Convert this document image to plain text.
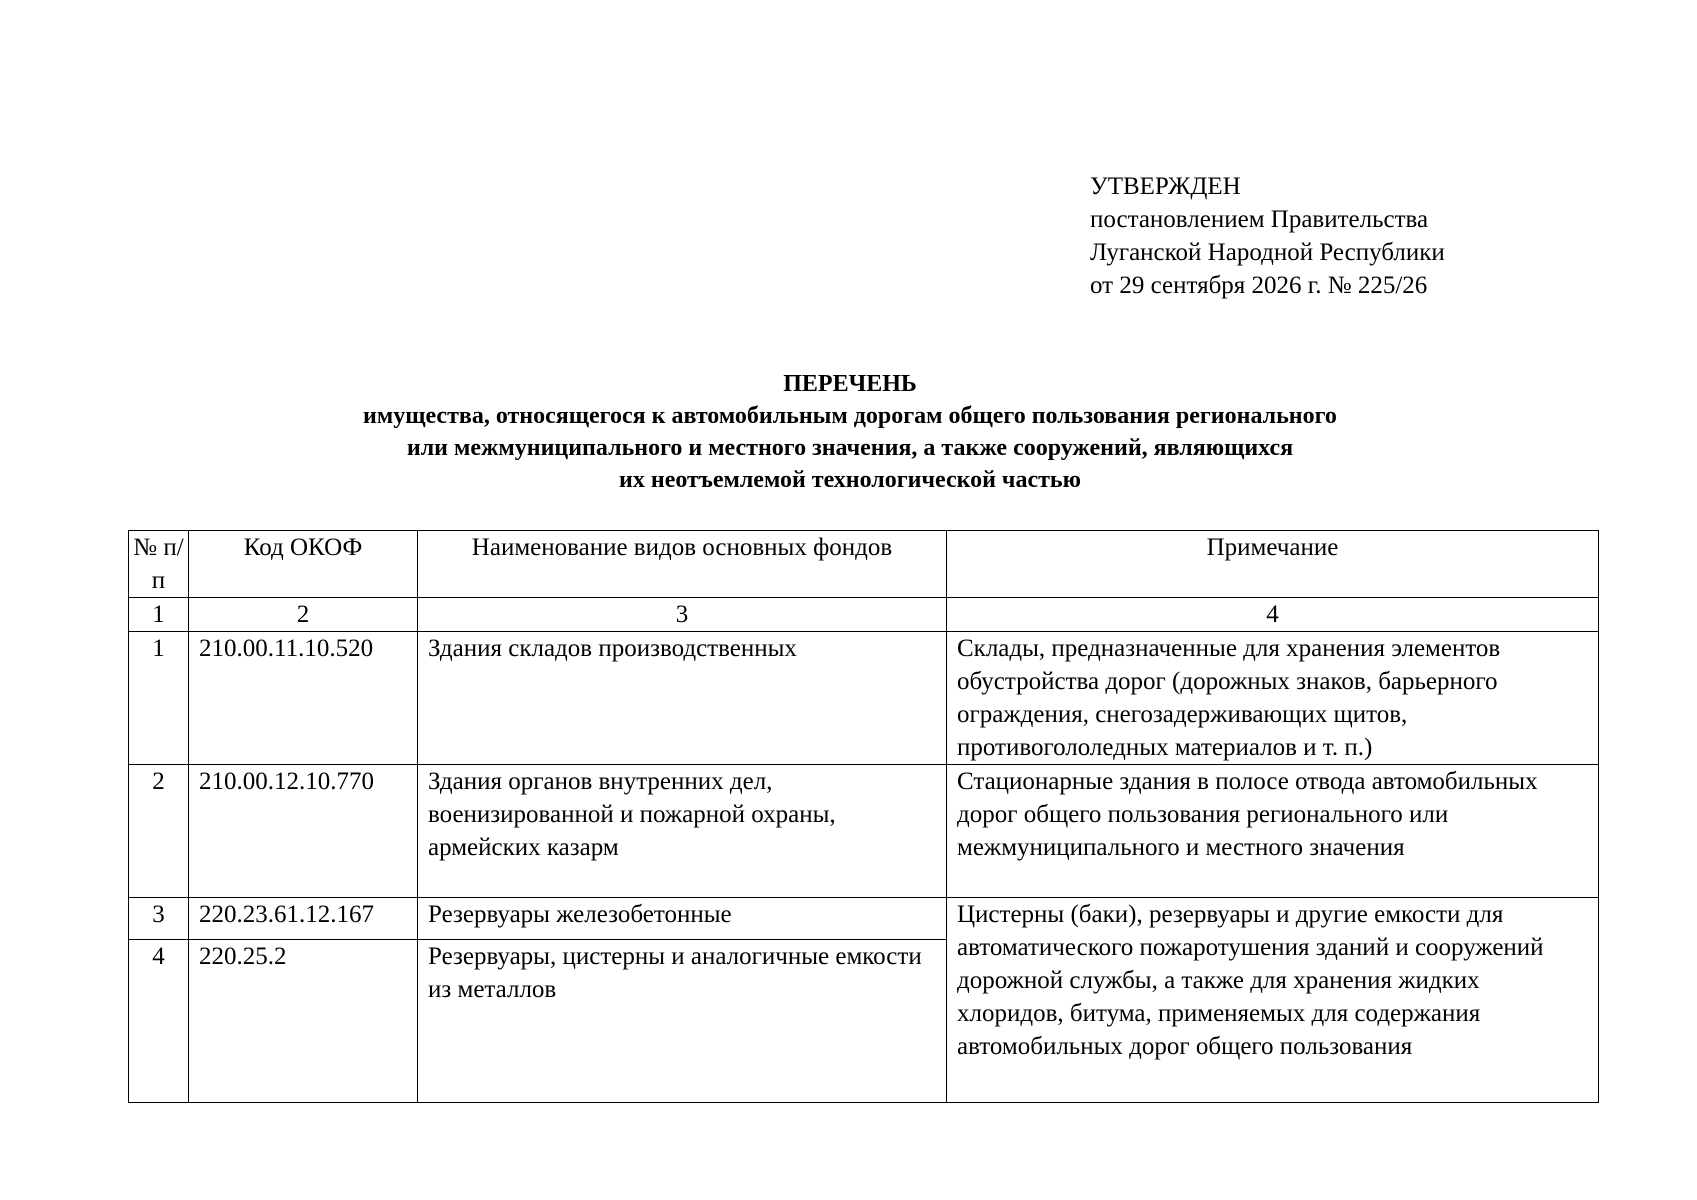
УТВЕРЖДЕН
постановлением Правительства
Луганской Народной Республики
от 29 сентября 2026 г. № 225/26
ПЕРЕЧЕНЬ
имущества, относящегося к автомобильным дорогам общего пользования регионального
или межмуниципального и местного значения, а также сооружений, являющихся
их неотъемлемой технологической частью
№ п/п	Код ОКОФ	Наименование видов основных фондов	Примечание
1	2	3	4
1	210.00.11.10.520	Здания складов производственных	Склады, предназначенные для хранения элементов обустройства дорог (дорожных знаков, барьерного ограждения, снегозадерживающих щитов, противогололедных материалов и т. п.)
2	210.00.12.10.770	Здания органов внутренних дел, военизированной и пожарной охраны, армейских казарм	Стационарные здания в полосе отвода автомобильных дорог общего пользования регионального или межмуниципального и местного значения
3	220.23.61.12.167	Резервуары железобетонные	Цистерны (баки), резервуары и другие емкости для автоматического пожаротушения зданий и сооружений дорожной службы, а также для хранения жидких хлоридов, битума, применяемых для содержания автомобильных дорог общего пользования
4	220.25.2	Резервуары, цистерны и аналогичные емкости из металлов	
